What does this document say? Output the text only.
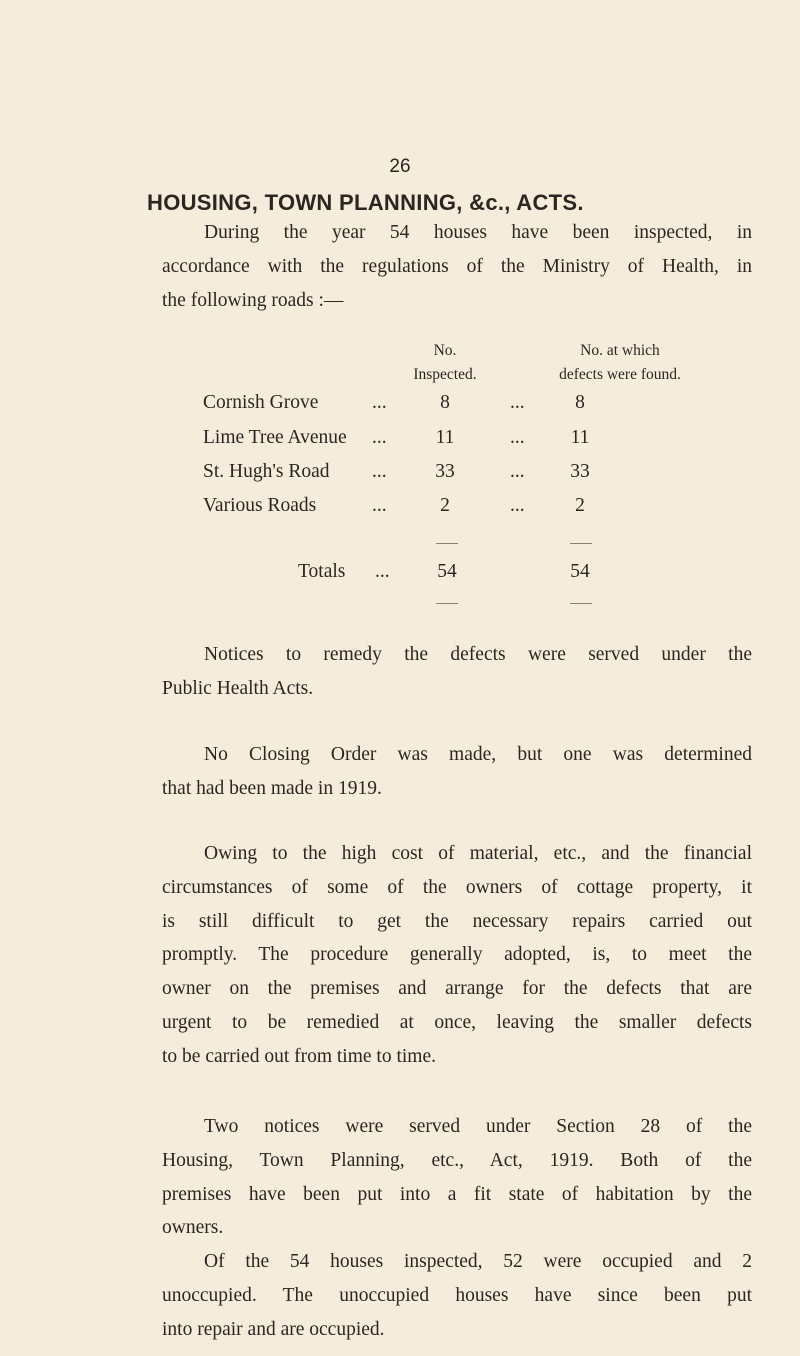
26
HOUSING, TOWN PLANNING, &c., ACTS.
During the year 54 houses have been inspected, in
accordance with the regulations of the Ministry of Health, in
the following roads :—
No.
Inspected.
No. at which
defects were found.
Cornish Grove	...	8	...	8
Lime Tree Avenue ...	11	...	11
St. Hugh's Road ...	33	...	33
Various Roads	...	2	...	2
Totals ...	54	54
Notices to remedy the defects were served under the
Public Health Acts.
No Closing Order was made, but one was determined
that had been made in 1919.
Owing to the high cost of material, etc., and the financial
circumstances of some of the owners of cottage property, it
is still difficult to get the necessary repairs carried out
promptly. The procedure generally adopted, is, to meet the
owner on the premises and arrange for the defects that are
urgent to be remedied at once, leaving the smaller defects
to be carried out from time to time.
Two notices were served under Section 28 of the
Housing, Town Planning, etc., Act, 1919. Both of the
premises have been put into a fit state of habitation by the
owners.
Of the 54 houses inspected, 52 were occupied and 2
unoccupied. The unoccupied houses have since been put
into repair and are occupied.
